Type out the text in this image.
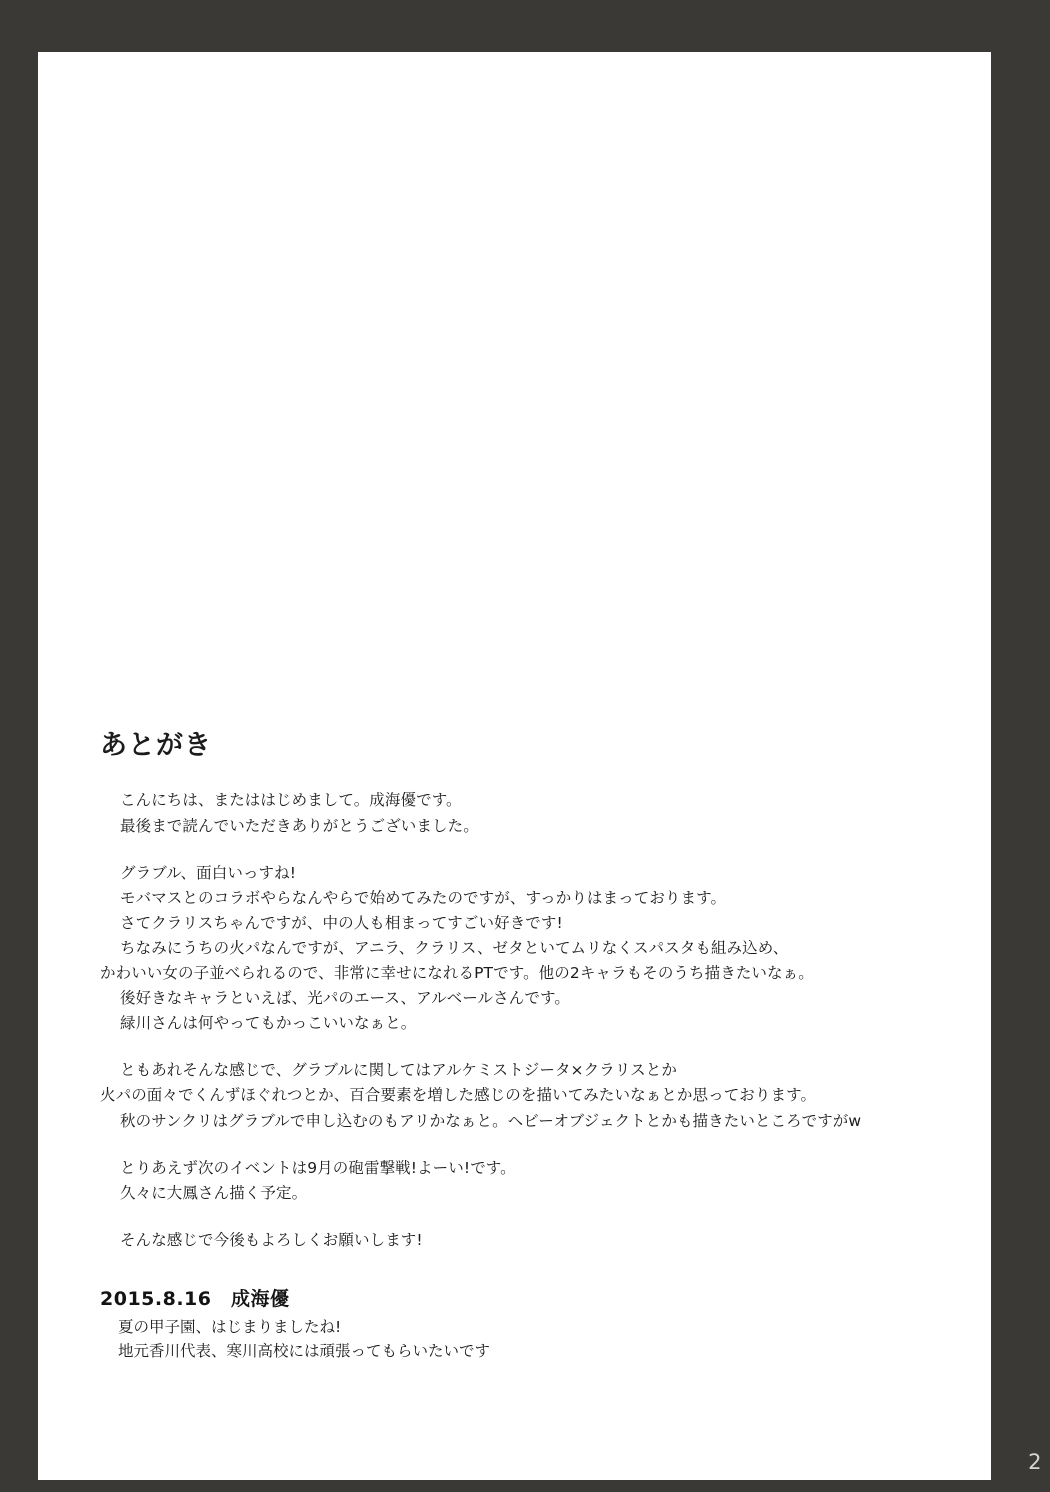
あとがき
こんにちは、またははじめまして。成海優です。
最後まで読んでいただきありがとうございました。
グラブル、面白いっすね!
モバマスとのコラボやらなんやらで始めてみたのですが、すっかりはまっております。
さてクラリスちゃんですが、中の人も相まってすごい好きです!
ちなみにうちの火パなんですが、アニラ、クラリス、ゼタといてムリなくスパスタも組み込め、
かわいい女の子並べられるので、非常に幸せになれるPTです。他の2キャラもそのうち描きたいなぁ。
後好きなキャラといえば、光パのエース、アルベールさんです。
緑川さんは何やってもかっこいいなぁと。
ともあれそんな感じで、グラブルに関してはアルケミストジータ×クラリスとか
火パの面々でくんずほぐれつとか、百合要素を増した感じのを描いてみたいなぁとか思っております。
秋のサンクリはグラブルで申し込むのもアリかなぁと。ヘビーオブジェクトとかも描きたいところですがw
とりあえず次のイベントは9月の砲雷撃戦!よーい!です。
久々に大鳳さん描く予定。
そんな感じで今後もよろしくお願いします!
2015.8.16　成海優
夏の甲子園、はじまりましたね!
地元香川代表、寒川高校には頑張ってもらいたいです
2
